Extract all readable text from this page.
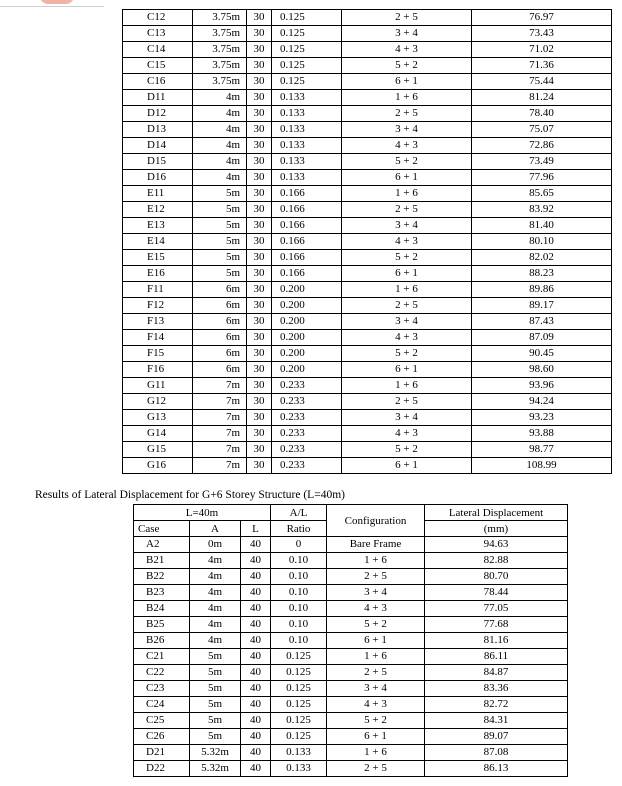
C12	3.75m	30	0.125	2 + 5	76.97
C13	3.75m	30	0.125	3 + 4	73.43
C14	3.75m	30	0.125	4 + 3	71.02
C15	3.75m	30	0.125	5 + 2	71.36
C16	3.75m	30	0.125	6 + 1	75.44
D11	4m	30	0.133	1 + 6	81.24
D12	4m	30	0.133	2 + 5	78.40
D13	4m	30	0.133	3 + 4	75.07
D14	4m	30	0.133	4 + 3	72.86
D15	4m	30	0.133	5 + 2	73.49
D16	4m	30	0.133	6 + 1	77.96
E11	5m	30	0.166	1 + 6	85.65
E12	5m	30	0.166	2 + 5	83.92
E13	5m	30	0.166	3 + 4	81.40
E14	5m	30	0.166	4 + 3	80.10
E15	5m	30	0.166	5 + 2	82.02
E16	5m	30	0.166	6 + 1	88.23
F11	6m	30	0.200	1 + 6	89.86
F12	6m	30	0.200	2 + 5	89.17
F13	6m	30	0.200	3 + 4	87.43
F14	6m	30	0.200	4 + 3	87.09
F15	6m	30	0.200	5 + 2	90.45
F16	6m	30	0.200	6 + 1	98.60
G11	7m	30	0.233	1 + 6	93.96
G12	7m	30	0.233	2 + 5	94.24
G13	7m	30	0.233	3 + 4	93.23
G14	7m	30	0.233	4 + 3	93.88
G15	7m	30	0.233	5 + 2	98.77
G16	7m	30	0.233	6 + 1	108.99
Results of Lateral Displacement for G+6 Storey Structure (L=40m)
L=40m			A/L	Configuration	Lateral Displacement
Case	A	L	Ratio		(mm)
A2	0m	40	0	Bare Frame	94.63
B21	4m	40	0.10	1 + 6	82.88
B22	4m	40	0.10	2 + 5	80.70
B23	4m	40	0.10	3 + 4	78.44
B24	4m	40	0.10	4 + 3	77.05
B25	4m	40	0.10	5 + 2	77.68
B26	4m	40	0.10	6 + 1	81.16
C21	5m	40	0.125	1 + 6	86.11
C22	5m	40	0.125	2 + 5	84.87
C23	5m	40	0.125	3 + 4	83.36
C24	5m	40	0.125	4 + 3	82.72
C25	5m	40	0.125	5 + 2	84.31
C26	5m	40	0.125	6 + 1	89.07
D21	5.32m	40	0.133	1 + 6	87.08
D22	5.32m	40	0.133	2 + 5	86.13
